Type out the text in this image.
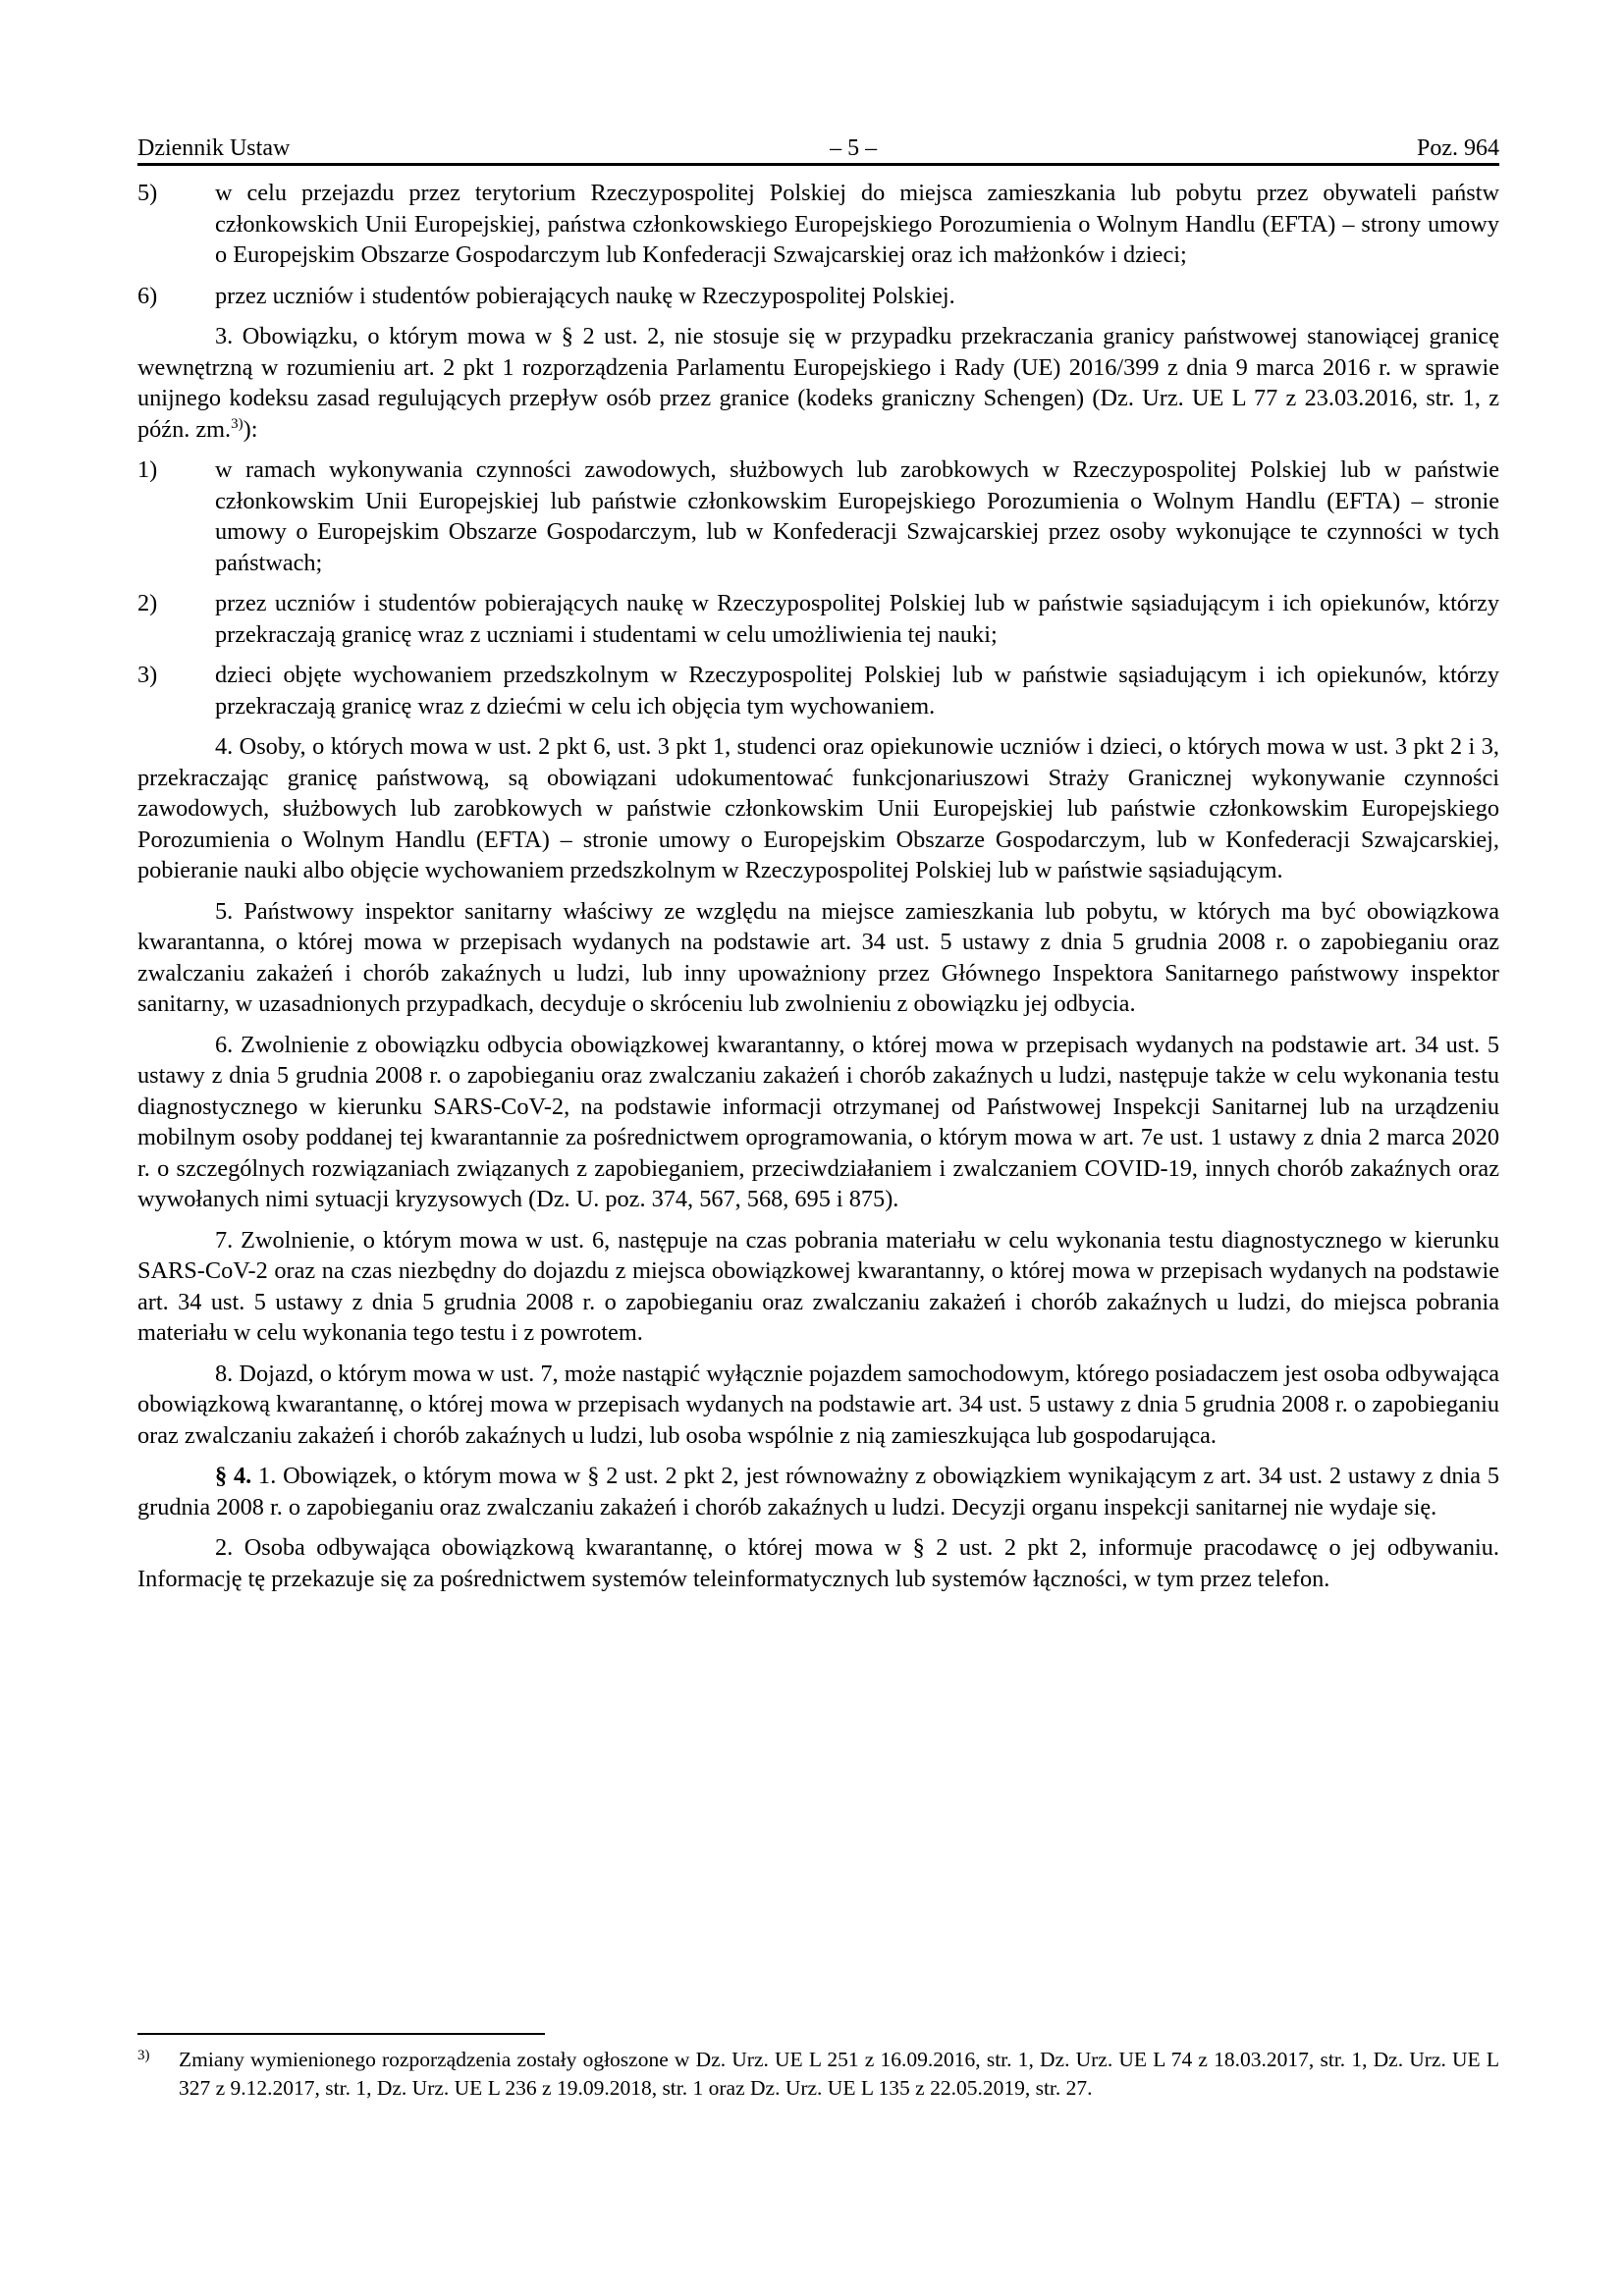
Dziennik Ustaw	– 5 –	Poz. 964
5)	w celu przejazdu przez terytorium Rzeczypospolitej Polskiej do miejsca zamieszkania lub pobytu przez obywateli państw członkowskich Unii Europejskiej, państwa członkowskiego Europejskiego Porozumienia o Wolnym Handlu (EFTA) – strony umowy o Europejskim Obszarze Gospodarczym lub Konfederacji Szwajcarskiej oraz ich małżonków i dzieci;
6)	przez uczniów i studentów pobierających naukę w Rzeczypospolitej Polskiej.

3. Obowiązku, o którym mowa w § 2 ust. 2, nie stosuje się w przypadku przekraczania granicy państwowej stanowiącej granicę wewnętrzną w rozumieniu art. 2 pkt 1 rozporządzenia Parlamentu Europejskiego i Rady (UE) 2016/399 z dnia 9 marca 2016 r. w sprawie unijnego kodeksu zasad regulujących przepływ osób przez granice (kodeks graniczny Schengen) (Dz. Urz. UE L 77 z 23.03.2016, str. 1, z późn. zm.$^{3)}$):

1)	w ramach wykonywania czynności zawodowych, służbowych lub zarobkowych w Rzeczypospolitej Polskiej lub w państwie członkowskim Unii Europejskiej lub państwie członkowskim Europejskiego Porozumienia o Wolnym Handlu (EFTA) – stronie umowy o Europejskim Obszarze Gospodarczym, lub w Konfederacji Szwajcarskiej przez osoby wykonujące te czynności w tych państwach;
2)	przez uczniów i studentów pobierających naukę w Rzeczypospolitej Polskiej lub w państwie sąsiadującym i ich opiekunów, którzy przekraczają granicę wraz z uczniami i studentami w celu umożliwienia tej nauki;
3)	dzieci objęte wychowaniem przedszkolnym w Rzeczypospolitej Polskiej lub w państwie sąsiadującym i ich opiekunów, którzy przekraczają granicę wraz z dziećmi w celu ich objęcia tym wychowaniem.

4. Osoby, o których mowa w ust. 2 pkt 6, ust. 3 pkt 1, studenci oraz opiekunowie uczniów i dzieci, o których mowa w ust. 3 pkt 2 i 3, przekraczając granicę państwową, są obowiązani udokumentować funkcjonariuszowi Straży Granicznej wykonywanie czynności zawodowych, służbowych lub zarobkowych w państwie członkowskim Unii Europejskiej lub państwie członkowskim Europejskiego Porozumienia o Wolnym Handlu (EFTA) – stronie umowy o Europejskim Obszarze Gospodarczym, lub w Konfederacji Szwajcarskiej, pobieranie nauki albo objęcie wychowaniem przedszkolnym w Rzeczypospolitej Polskiej lub w państwie sąsiadującym.

5. Państwowy inspektor sanitarny właściwy ze względu na miejsce zamieszkania lub pobytu, w których ma być obowiązkowa kwarantanna, o której mowa w przepisach wydanych na podstawie art. 34 ust. 5 ustawy z dnia 5 grudnia 2008 r. o zapobieganiu oraz zwalczaniu zakażeń i chorób zakaźnych u ludzi, lub inny upoważniony przez Głównego Inspektora Sanitarnego państwowy inspektor sanitarny, w uzasadnionych przypadkach, decyduje o skróceniu lub zwolnieniu z obowiązku jej odbycia.

6. Zwolnienie z obowiązku odbycia obowiązkowej kwarantanny, o której mowa w przepisach wydanych na podstawie art. 34 ust. 5 ustawy z dnia 5 grudnia 2008 r. o zapobieganiu oraz zwalczaniu zakażeń i chorób zakaźnych u ludzi, następuje także w celu wykonania testu diagnostycznego w kierunku SARS-CoV-2, na podstawie informacji otrzymanej od Państwowej Inspekcji Sanitarnej lub na urządzeniu mobilnym osoby poddanej tej kwarantannie za pośrednictwem oprogramowania, o którym mowa w art. 7e ust. 1 ustawy z dnia 2 marca 2020 r. o szczególnych rozwiązaniach związanych z zapobieganiem, przeciwdziałaniem i zwalczaniem COVID-19, innych chorób zakaźnych oraz wywołanych nimi sytuacji kryzysowych (Dz. U. poz. 374, 567, 568, 695 i 875).

7. Zwolnienie, o którym mowa w ust. 6, następuje na czas pobrania materiału w celu wykonania testu diagnostycznego w kierunku SARS-CoV-2 oraz na czas niezbędny do dojazdu z miejsca obowiązkowej kwarantanny, o której mowa w przepisach wydanych na podstawie art. 34 ust. 5 ustawy z dnia 5 grudnia 2008 r. o zapobieganiu oraz zwalczaniu zakażeń i chorób zakaźnych u ludzi, do miejsca pobrania materiału w celu wykonania tego testu i z powrotem.

8. Dojazd, o którym mowa w ust. 7, może nastąpić wyłącznie pojazdem samochodowym, którego posiadaczem jest osoba odbywająca obowiązkową kwarantannę, o której mowa w przepisach wydanych na podstawie art. 34 ust. 5 ustawy z dnia 5 grudnia 2008 r. o zapobieganiu oraz zwalczaniu zakażeń i chorób zakaźnych u ludzi, lub osoba wspólnie z nią zamieszkująca lub gospodarująca.

§ 4. 1. Obowiązek, o którym mowa w § 2 ust. 2 pkt 2, jest równoważny z obowiązkiem wynikającym z art. 34 ust. 2 ustawy z dnia 5 grudnia 2008 r. o zapobieganiu oraz zwalczaniu zakażeń i chorób zakaźnych u ludzi. Decyzji organu inspekcji sanitarnej nie wydaje się.

2. Osoba odbywająca obowiązkową kwarantannę, o której mowa w § 2 ust. 2 pkt 2, informuje pracodawcę o jej odbywaniu. Informację tę przekazuje się za pośrednictwem systemów teleinformatycznych lub systemów łączności, w tym przez telefon.

3)	Zmiany wymienionego rozporządzenia zostały ogłoszone w Dz. Urz. UE L 251 z 16.09.2016, str. 1, Dz. Urz. UE L 74 z 18.03.2017, str. 1, Dz. Urz. UE L 327 z 9.12.2017, str. 1, Dz. Urz. UE L 236 z 19.09.2018, str. 1 oraz Dz. Urz. UE L 135 z 22.05.2019, str. 27.
